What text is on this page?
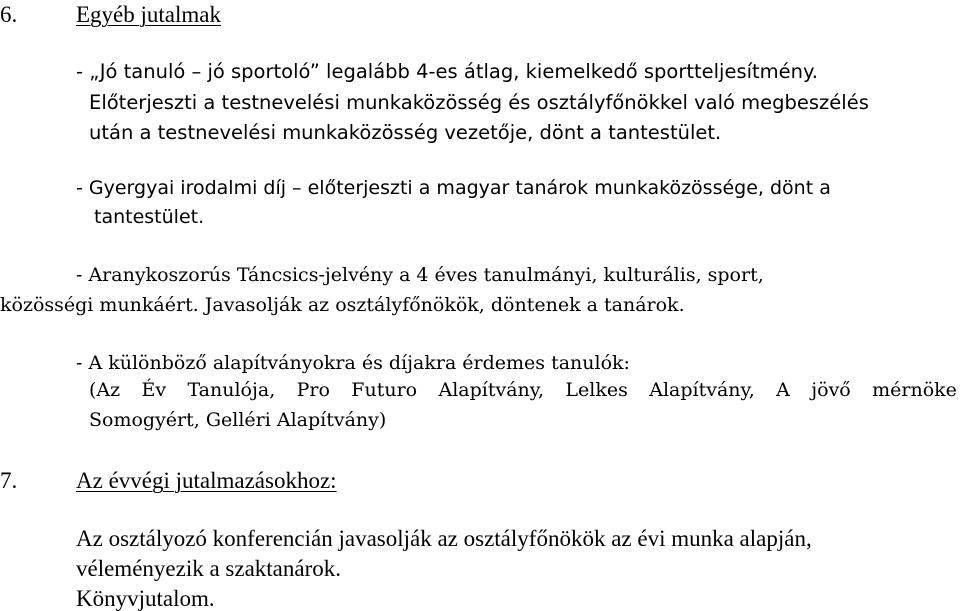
6.	Egyéb jutalmak
- „Jó tanuló – jó sportoló” legalább 4-es átlag, kiemelkedő sportteljesítmény.
Előterjeszti a testnevelési munkaközösség és osztályfőnökkel való megbeszélés
után a testnevelési munkaközösség vezetője, dönt a tantestület.
- Gyergyai irodalmi díj – előterjeszti a magyar tanárok munkaközössége, dönt a
tantestület.
- Aranykoszorús Táncsics-jelvény a 4 éves tanulmányi, kulturális, sport,
közösségi munkáért. Javasolják az osztályfőnökök, döntenek a tanárok.
- A különböző alapítványokra és díjakra érdemes tanulók:
(Az Év Tanulója, Pro Futuro Alapítvány, Lelkes Alapítvány, A jövő mérnöke
Somogyért, Gelléri Alapítvány)
7.	Az évvégi jutalmazásokhoz:
Az osztályozó konferencián javasolják az osztályfőnökök az évi munka alapján,
véleményezik a szaktanárok.
Könyvjutalom.
